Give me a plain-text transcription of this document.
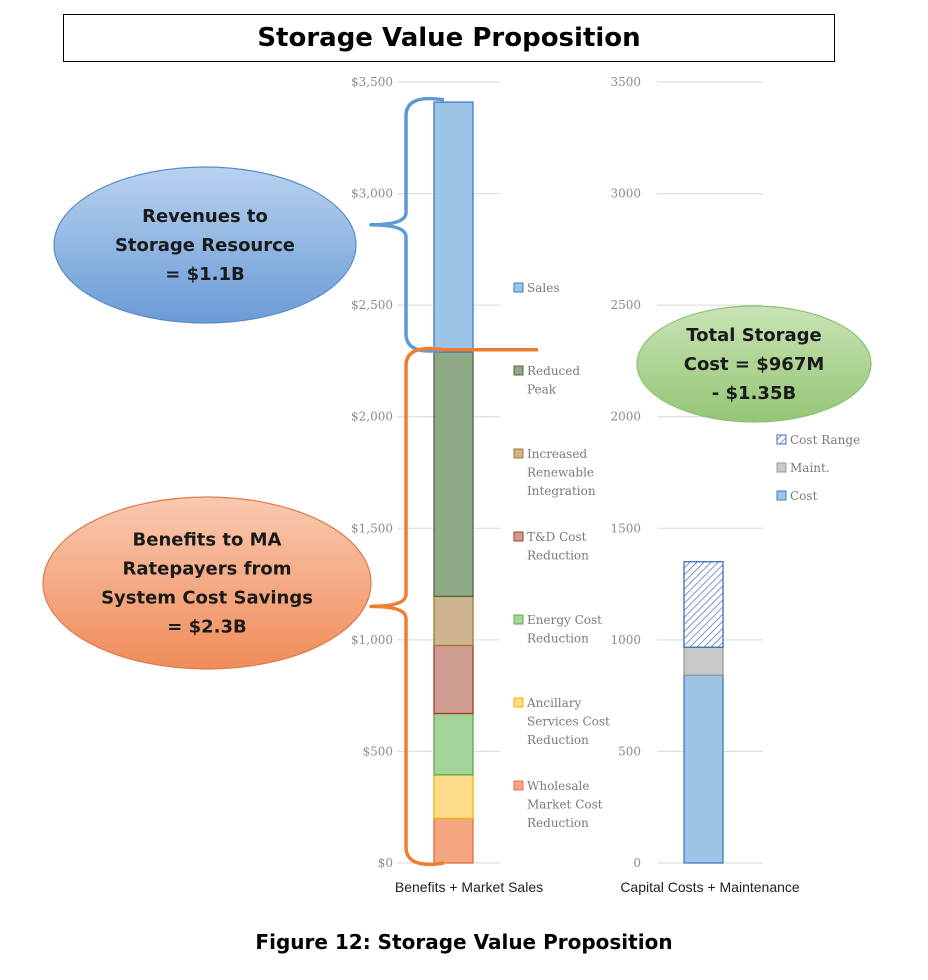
Storage Value Proposition
$0
$500
$1,000
$1,500
$2,000
$2,500
$3,000
$3,500
0
500
1000
1500
2000
2500
3000
3500
Sales
Reduced Peak
Increased Renewable Integration
T&D Cost Reduction
Energy Cost Reduction
Ancillary Services Cost Reduction
Wholesale Market Cost Reduction
Cost Range
Maint.
Cost
Revenues to Storage Resource = $1.1B
Benefits to MA Ratepayers from System Cost Savings = $2.3B
Total Storage Cost = $967M - $1.35B
Benefits + Market Sales	Capital Costs + Maintenance
Figure 12: Storage Value Proposition
